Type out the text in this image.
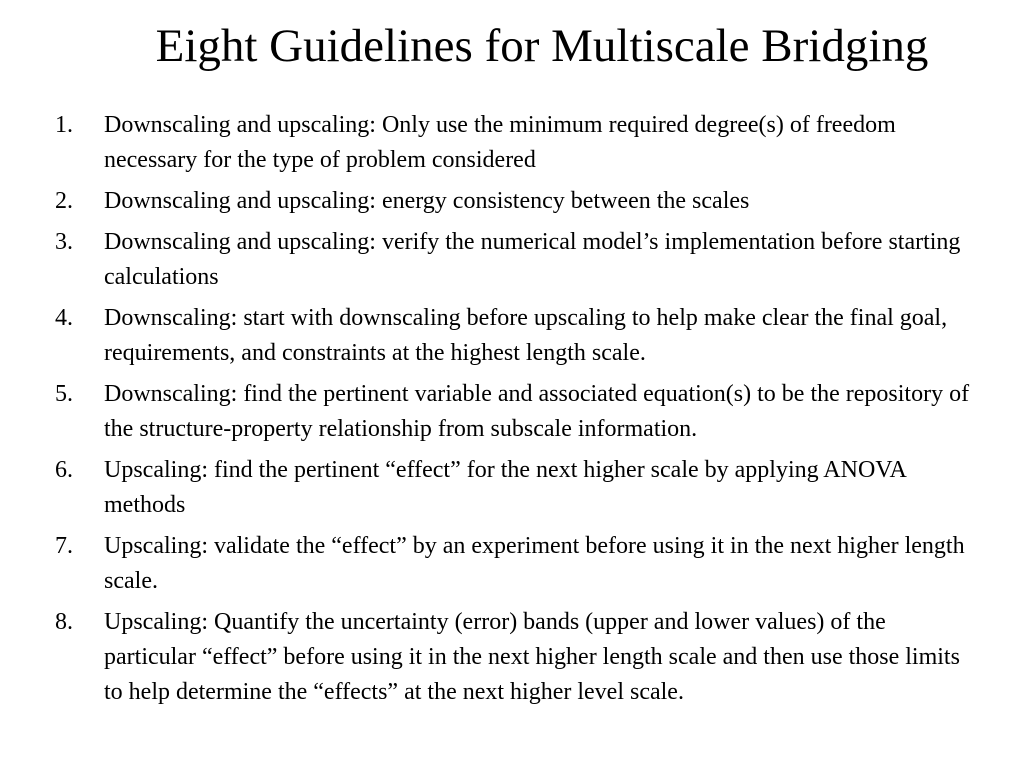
Eight Guidelines for Multiscale Bridging
1.	Downscaling and upscaling: Only use the minimum required degree(s) of freedom necessary for the type of problem considered
2.	Downscaling and upscaling: energy consistency between the scales
3.	Downscaling and upscaling: verify the numerical model’s implementation before starting calculations
4.	Downscaling: start with downscaling before upscaling to help make clear the final goal, requirements, and constraints at the highest length scale.
5.	Downscaling: find the pertinent variable and associated equation(s) to be the repository of the structure-property relationship from subscale information.
6.	Upscaling: find the pertinent “effect” for the next higher scale by applying ANOVA methods
7.	Upscaling: validate the “effect” by an experiment before using it in the next higher length scale.
8.	Upscaling: Quantify the uncertainty (error) bands (upper and lower values) of the particular “effect” before using it in the next higher length scale and then use those limits to help determine the “effects” at the next higher level scale.
